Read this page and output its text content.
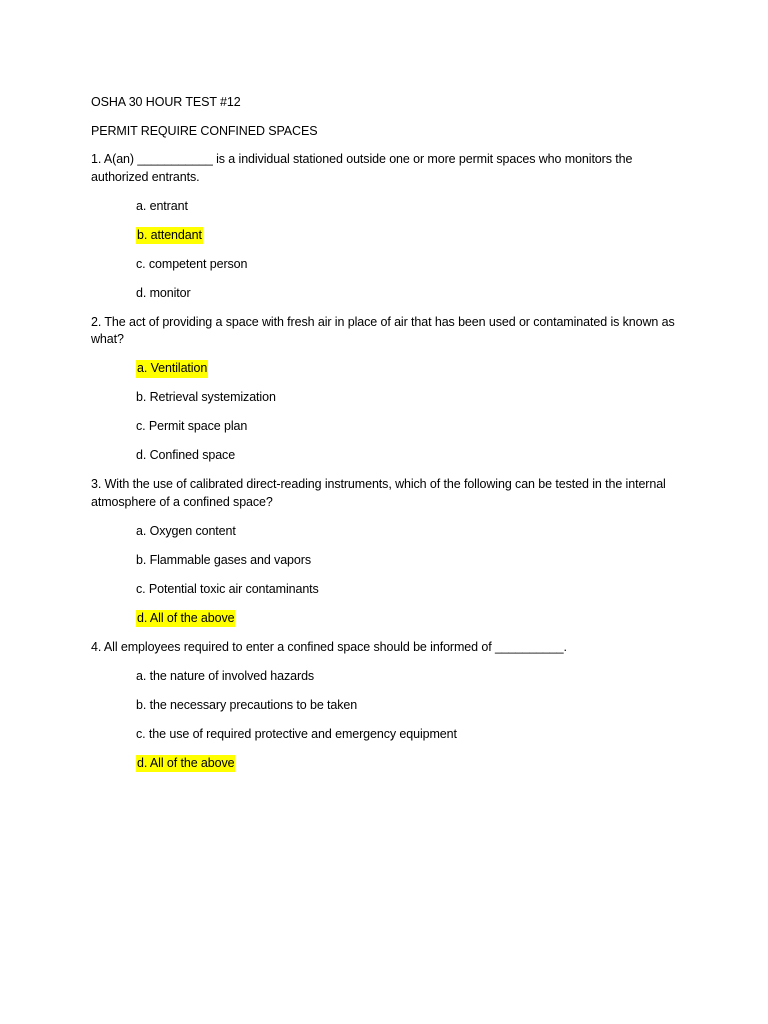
OSHA 30 HOUR TEST #12

PERMIT REQUIRE CONFINED SPACES

1. A(an) ___________ is a individual stationed outside one or more permit spaces who monitors the authorized entrants.

a. entrant
b. attendant
c. competent person
d. monitor

2. The act of providing a space with fresh air in place of air that has been used or contaminated is known as what?

a. Ventilation
b. Retrieval systemization
c. Permit space plan
d. Confined space

3. With the use of calibrated direct-reading instruments, which of the following can be tested in the internal atmosphere of a confined space?

a. Oxygen content
b. Flammable gases and vapors
c. Potential toxic air contaminants
d. All of the above

4. All employees required to enter a confined space should be informed of __________.

a. the nature of involved hazards
b. the necessary precautions to be taken
c. the use of required protective and emergency equipment
d. All of the above
